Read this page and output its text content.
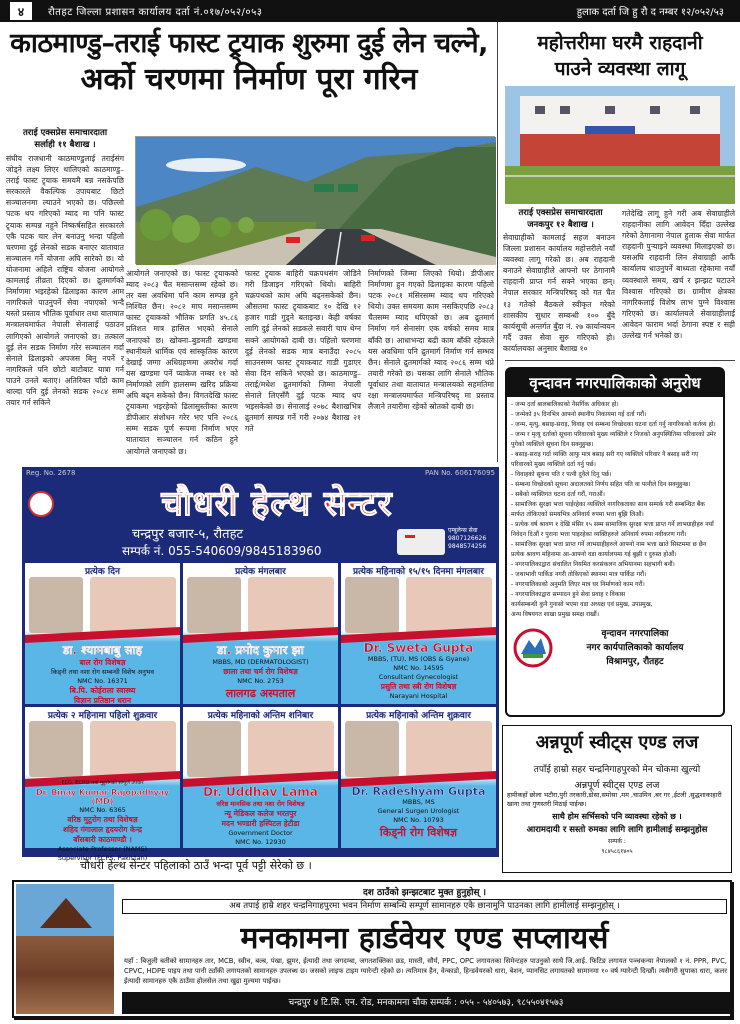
४	रौतहट जिल्ला प्रशासन कार्यालय दर्ता नं.०१७/०५२/०५३	हुलाक दर्ता जि हु रौ द नम्बर १२/०५२/५३
काठमाण्डु–तराई फास्ट ट्र्याक शुरुमा दुई लेन चल्ने,
अर्को चरणमा निर्माण पूरा गरिन
तराई एक्सप्रेस समाचारदाता
सर्लाही ११ बैशाख ।
संघीय राजधानी काठमाण्डुलाई तराईसंग जोड्ने लक्ष्य लिएर थालिएको काठमाण्डु–तराई फास्ट ट्र्याक समयमै बन्न नसकेपछि सरकारले वैकल्पिक उपायबाट छिटो सञ्चालनमा ल्याउने भएको छ। पछिल्लो पटक थप गरिएको म्याद मा पनि फास्ट ट्र्याक सम्पन्न नहुने निष्कर्षसहित सरकारले एकै पटक चार लेन बनाउनु भन्दा पहिलो चरणमा दुई लेनको सडक बनाएर यातायात सञ्चालन गर्ने योजना अघि सारेको छ। यो योजनामा अहिले राष्ट्रिय योजना आयोगले कामलाई तीव्रता दिएको छ। द्रुतमार्गको निर्माणमा भइरहेको ढिलाइका कारण आम नागरिकले पाउनुपर्ने सेवा नपाएको भन्दै यस्तो प्रस्ताव भौतिक पूर्वाधार तथा यातायात मन्त्रालयमार्फत नेपाली सेनालाई पठाउन लागिएको आयोगले जनाएको छ। तत्काल दुई लेन सडक निर्माण गरेर सञ्चालन गर्दा सेनाले ढिलाइको अपजस बिनु नपर्ने र नागरिकले पनि छोटो बाटोबाट यात्रा गर्न पाउने उनले बताए। अतिरिक्त चाँडो काम थाल्दा पनि दुई लेनको सडक २०८४ सम्म तयार गर्न सकिने
आयोगले जनाएको छ। फास्ट ट्र्याकको म्याद २०८३ चैत मसान्तसम्म रहेको छ। तर यस अवधिमा पनि काम सम्पन्न हुने निश्चित छैन। २०८२ माघ मसान्तसम्म फास्ट ट्र्याकको भौतिक प्रगति ४५.८६ प्रतिशत मात्र हासिल भएको सेनाले जनाएको छ। खोक्ना–बुङमती खण्डमा स्थानीयले धार्मिक एवं सांस्कृतिक कारण देखाई जग्गा अधिग्रहणमा अवरोध गर्दा यस खण्डमा पर्ने प्याकेज नम्बर ११ को निर्माणको लागि हालसम्म खरिद प्रक्रिया अघि बढ्न सकेको छैन। विगतदेखि फास्ट ट्र्याकमा भइरहेको ढिलासुस्तीका कारण डीपीआर संशोधन गरेर भए पनि २०८६ सम्म सडक पूर्ण रूपमा निर्माण भएर यातायात सञ्चालन गर्न कठिन हुने आयोगले जनाएको छ।
फास्ट ट्र्याक बाहिरी चक्रपथसंग जोडिने गरी डिजाइन गरिएको थियो। बाहिरी चक्रपथको काम अघि बढ्नसकेको छैन। औसतमा फास्ट ट्र्याकबाट १० देखि १२ हजार गाडी गुड्ने बताइन्छ। केही वर्षका लागि दुई लेनको सडकले सवारी चाप थेग्न सक्ने आयोगको दाबी छ। पहिलो चरणमा दुई लेनको सडक मात्र बनाउँदा २०८५ साउनसम्म फास्ट ट्र्याकबाट गाडी गुडाएर सेवा दिन सकिने भएको छ। काठमाण्डु–तराई/मधेश द्रुतमार्गको जिम्मा नेपाली सेनाले लिएसँगै दुई पटक म्याद थप भइसकेको छ। सेनालाई २०७८ बैशाखभित्र द्रुतमार्ग सम्पन्न गर्ने गरी २०७४ बैशाख २१ गते
निर्माणको जिम्मा लिएको थियो। डीपीआर निर्माणमा हुन गएको ढिलाइका कारण पहिलो पटक २०८१ मंसिरसम्म म्याद थप गरिएको थियो। उक्त समयमा काम नसकिएपछि २०८३ चैतसम्म म्याद थपिएको छ। अब द्रुतमार्ग निर्माण गर्न सेनासंग एक वर्षको समय मात्र बाँकी छ। आधाभन्दा बढी काम बाँकी रहेकाले यस अवधिमा पनि द्रुतमार्ग निर्माण गर्न सम्भव छैन। सेनाले द्रुतमार्गको म्याद २०८६ सम्म थप्ने तयारी गरेको छ। यसका लागि सेनाले भौतिक पूर्वाधार तथा यातायात मन्त्रालयको सहमतिमा रक्षा मन्त्रालयमार्फत मन्त्रिपरिषद् मा प्रस्ताव लैजाने तयारीमा रहेको स्रोतको दाबी छ।
महोत्तरीमा घरमै राहदानी
पाउने व्यवस्था लागू
तराई एक्सप्रेस समाचारदाता
जनकपुर १२ बैशाख ।
सेवाग्राहीको कामलाई सहज बनाउन जिल्ला प्रशासन कार्यालय महोत्तरीले नयाँ व्यवस्था लागू गरेको छ। अब राहदानी बनाउने सेवाग्राहीले आफ्नो घर ठेगानामै राहदानी प्राप्त गर्न सक्ने भएका छन्। नेपाल सरकार मन्त्रिपरिषद् को गत चैत १३ गतेको बैठकले स्वीकृत गरेको शासकीय सुधार सम्बन्धी १०० बुँदे कार्यसूची अन्तर्गत बुँदा नं. २७ कार्यान्वयन गर्दै उक्त सेवा सुरु गरिएको हो। कार्यालयका अनुसार बैशाख १०
गतेदेखि लागू हुने गरी अब सेवाग्राहीले राहदानीका लागि आवेदन दिँदा उल्लेख गरेको ठेगानामा नेपाल हुलाक सेवा मार्फत राहदानी पुऱ्याइने व्यवस्था मिलाइएको छ। यसअघि राहदानी लिन सेवाग्राही आफैं कार्यालय धाउनुपर्ने बाध्यता रहेकामा नयाँ व्यवस्थाले समय, खर्च र झन्झट घटाउने विश्वास गरिएको छ। ग्रामीण क्षेत्रका नागरिकलाई विशेष लाभ पुग्ने विश्वास गरिएको छ। कार्यालयले सेवाग्राहीलाई आवेदन फाराम भर्दा ठेगाना स्पष्ट र सही उल्लेख गर्न भनेको छ।
वृन्दावन नगरपालिकाको अनुरोध
- जन्म दर्ता बालबालिकाको नैसर्गिक अधिकार हो।
- जन्मेको ३५ दिनभित्र आफ्नो स्थानीय निकायमा गई दर्ता गरौं।
- जन्म, मृत्यु, बसाइ-सराइ, विवाह एवं सम्बन्ध विच्छेदका घटना दर्ता गर्नु नागरिकको कर्तव्य हो।
- जन्म र मृत्यु दर्ताको सूचना परिवारको मुख्य व्यक्तिले र निजको अनुपस्थितिमा परिवारको उमेर पुगेको व्यक्तिले सूचना दिन सक्नुहुन्छ।
- बसाइ-सराइ गर्दा व्यक्ति आफु मात्र बसाइ सरी गए व्यक्तिले परिवार नै बसाइ सरी गए परिवारको मुख्य व्यक्तिले दर्ता गर्नु पर्छ।
- विवाहको सूचना पति र पत्नी दुवैले दिनु पर्छ।
- सम्बन्ध विच्छेदको सूचना अदालतको निर्णय सहित पति वा पत्नीले दिन सक्नुहुन्छ।
- सबैको व्यक्तिगत घटना दर्ता गरौं, गराऔं।
- सामाजिक सुरक्षा भत्ता पाईरहेका व्यक्तिले नागरिकताका साथ सम्पर्क गरी सम्बन्धित बैंक मार्फत तोकिएको समयभित्र अनिवार्य रुपमा भत्ता बुझि लिऔं।
- प्रत्येक वर्ष श्रावण १ देखि मंसिर १५ सम्म सामाजिक सुरक्षा भत्ता प्राप्त गर्ने लाभग्राहीहरु नयाँ निवेदन दिऔं र पुराना भत्ता पाइरहेका व्यक्तिहरुले अनिवार्य रुपमा नवीकरण गरौं।
- सामाजिक सुरक्षा भत्ता प्राप्त गर्ने लाभग्राहीहरुले आफ्नो नाम भत्ता खाते सिस्टममा छ छैन प्रत्येक श्रावण महिनामा आ-आफ्नो वडा कार्यालयमा गई बुझी र दुरुस्त होऔं।
- नगरपालिकाद्वारा संचालित नियमित करसंकलन अभियानमा सहभागी बनौं।
- जथाभावी पार्किङ नगरी तोकिएको स्थानमा मात्र पार्किङ गरौं।
- नगरपालिकाको अनुमति लिएर मात्र घर निर्माणको काम गरौं।
- नगरपालिकाद्वारा सम्पादन हुने सेवा प्रवाह र विकास
कार्यसम्बन्धी कुनै गुनासो भएमा वडा अध्यक्ष एवं प्रमुख, उपप्रमुख,
अन्य विषयगत शाखा प्रमुख समक्ष राखौं।
वृन्दावन नगरपालिका
नगर कार्यपालिकाको कार्यालय
विश्रामपुर, रौतहट
अन्नपूर्ण स्वीट्स एण्ड लज
तपाँई हाम्रो सहर चन्द्रनिगाहपुरको मेन चोकमा खुल्यो
अन्नपूर्ण स्वीट्स एण्ड लज
हामीकहाँ छोला भटौरा,पुरी तरकारी,डोसा,समोसा ,मम ,चाउमिन ,बर गर ,ईटली ,सुद्धशाकाहारी खाना तथा गुणस्तरी मिठाई पाईन्छ।
साथै होम सर्भिसको पनि व्यावस्था रहेको छ ।
आरामदायी र सस्तो रुमका लागि लागि हामीलाई सम्झनुहोस
सम्पर्क :
९८४५८६१४०५
Reg. No. 2678	PAN No. 606176095
चौधरी हेल्थ सेन्टर
चन्द्रपुर बजार-५, रौतहट
सम्पर्क नं. 055-540609/9845183960
एम्बुलेन्स सेवा
9807126626
9848574256
प्रत्येक दिन
डा. श्यामबाबु साह
बाल रोग विशेषज्ञ
किड्नी तथा नशा रोग सम्बन्धी विशेष अनुभव
NMC No. 16371
बि.पि. कोईराला स्वास्थ्य
विज्ञान प्रतिष्ठान धरान
प्रत्येक मंगलबार
डा. प्रमोद कुमार झा
MBBS, MD (DERMATOLOGIST)
छाला तथा चर्म रोग विशेषज्ञ
NMC No. 2753
लालगढ अस्पताल
प्रत्येक महिनाको १५/१५ दिनमा मंगलबार
Dr. Sweta Gupta
MBBS, (TU), MS (OBS & Gyane)
NMC No. 14595
Consultant Gynecologist
प्रसुति तथा स्त्री रोग विशेषज्ञ
Narayani Hospital
प्रत्येक २ महिनामा पहिलो शुक्रवार
ECG, ECHO तथा मुटुरोगको सम्पूर्ण उपचार
Dr. Binay Kumar Rajopadhyay (MD)
NMC No. 6365
वरिष्ठ मुटुरोग तथा विशेषज्ञ
शहिद गंगालाल हृदयरोग केन्द्र
बाँसबारी काठमाण्डौ ।
Associate Professor (NAMS)
Supervisor (FCPS, Pakistan)
प्रत्येक महिनाको अन्तिम शनिबार
Dr. Uddhav Lama
वरिष्ठ मानसिक तथा नशा रोग विशेषज्ञ
न्यू मेडिकल कलेज भरतपुर
मदन भण्डारी हस्पिटल हेटौडा
Government Doctor
NMC No. 12930
प्रत्येक महिनाको अन्तिम शुक्रवार
Dr. Radeshyam Gupta
MBBS, MS
General Surgen Urologist
NMC No. 10793
किड्नी रोग विशेषज्ञ
चौधरी हेल्थ सेन्टर पहिलाको ठाउँ भन्दा पूर्व पट्टी सेरेको छ ।
दश ठाउँको झन्झटबाट मुक्त हुनुहोस् ।
अब तपाई हाम्रै शहर चन्द्रनिगाहपुरमा भवन निर्माण सम्बन्धि सम्पूर्ण सामानहरु एकै छानामुनि पाउनका लागि हामीलाई सम्झनुहोस् ।
मनकामना हार्डवेयर एण्ड सप्लायर्स
यहाँ : बिजुली बतीको सामानहरु तार, MCB, स्वीच, बल्ब, पंखा, झुमर, ईत्यादी तथा जगदम्बा, जगतशक्तिका छड, मास्ती, सौर्य, PPC, OPC लगायतका सिमेन्टहरु पाउनुको साथै जि.आई. फिटिङ लगायत पञ्चकन्या नेपालको १ नं. PPR, PVC, CPVC, HDPE पाइप तथा पानी ट्याँकी लगायतको सामानहरु उपलब्ध छ। जसको लाइफ टाइम ग्यारेन्टी रहेको छ। त्यतिमात्र हैन, वेन्काडो, हिन्डवेयरको धारा, बेशन, प्यानसिट लगायतको सामानमा १० वर्ष ग्यारेन्टी दिन्छौं। त्यसैगरी सुपाका धारा, कलर ईत्यादी सामानहरु एकै ठाउँमा होलसेल तथा खुद्रा मुल्यमा पाईन्छ।
चन्द्रपुर ४ टि.सि. एन. रोड, मनकामना चौक सम्पर्क : ०५५ - ५४०५७३, ९८५५०४१५७३
